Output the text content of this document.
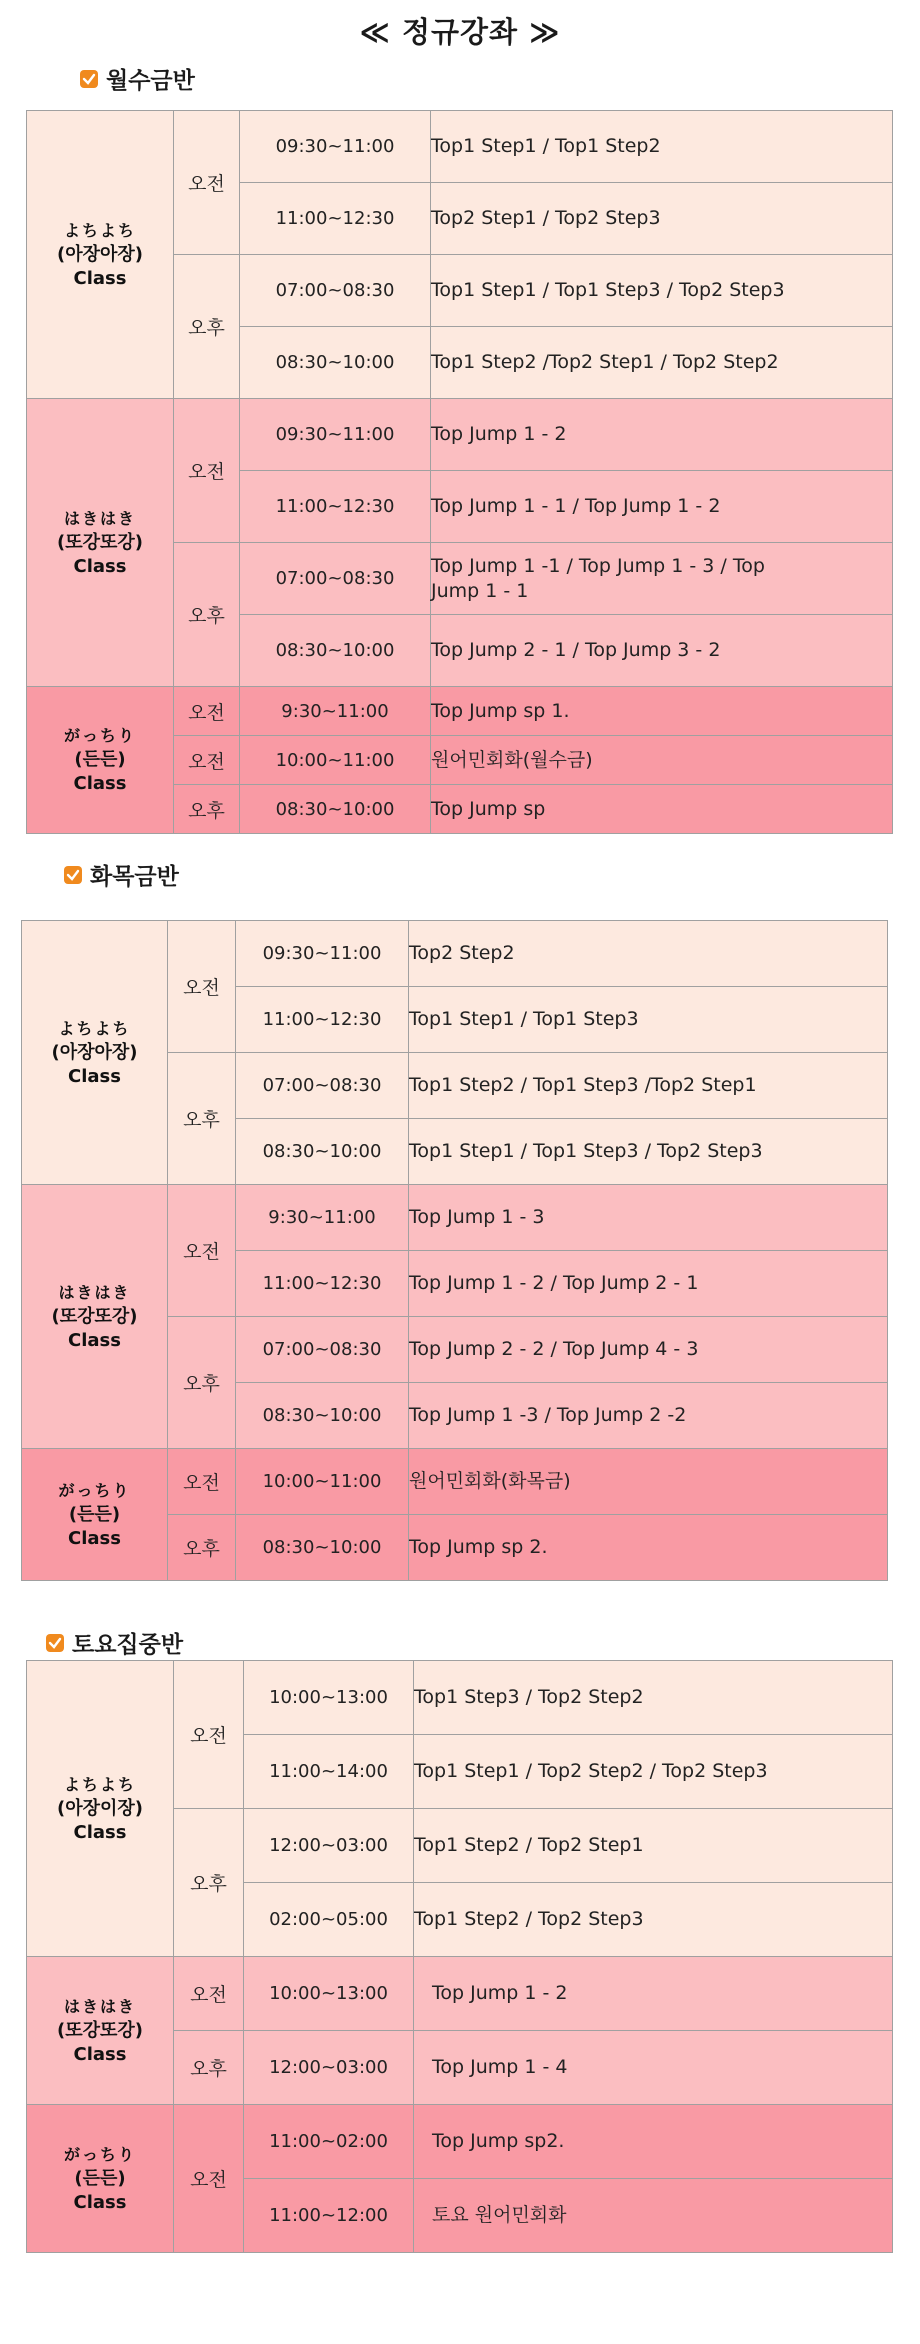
≪ 정규강좌 ≫
월수금반
よちよち
(아장아장)
Class	오전	09:30~11:00	Top1 Step1 / Top1 Step2
		11:00~12:30	Top2 Step1 / Top2 Step3
	오후	07:00~08:30	Top1 Step1 / Top1 Step3 / Top2 Step3
		08:30~10:00	Top1 Step2 /Top2 Step1 / Top2 Step2

はきはき
(또강또강)
Class	오전	09:30~11:00	Top Jump 1 - 2
		11:00~12:30	Top Jump 1 - 1 / Top Jump 1 - 2
	오후	07:00~08:30	Top Jump 1 -1 / Top Jump 1 - 3 / Top Jump 1 - 1
		08:30~10:00	Top Jump 2 - 1 / Top Jump 3 - 2

がっちり
(든든)
Class	오전	9:30~11:00	Top Jump sp 1.
	오전	10:00~11:00	원어민회화(월수금)
	오후	08:30~10:00	Top Jump sp
화목금반
よちよち
(아장아장)
Class	오전	09:30~11:00	Top2 Step2
		11:00~12:30	Top1 Step1 / Top1 Step3
	오후	07:00~08:30	Top1 Step2 / Top1 Step3 /Top2 Step1
		08:30~10:00	Top1 Step1 / Top1 Step3 / Top2 Step3

はきはき
(또강또강)
Class	오전	9:30~11:00	Top Jump 1 - 3
		11:00~12:30	Top Jump 1 - 2 / Top Jump 2 - 1
	오후	07:00~08:30	Top Jump 2 - 2 / Top Jump 4 - 3
		08:30~10:00	Top Jump 1 -3 / Top Jump 2 -2

がっちり
(든든)
Class	오전	10:00~11:00	원어민회화(화목금)
	오후	08:30~10:00	Top Jump sp 2.
토요집중반
よちよち
(아장이장)
Class	오전	10:00~13:00	Top1 Step3 / Top2 Step2
		11:00~14:00	Top1 Step1 / Top2 Step2 / Top2 Step3
	오후	12:00~03:00	Top1 Step2 / Top2 Step1
		02:00~05:00	Top1 Step2 / Top2 Step3

はきはき
(또강또강)
Class	오전	10:00~13:00	Top Jump 1 - 2
	오후	12:00~03:00	Top Jump 1 - 4

がっちり
(든든)
Class	오전	11:00~02:00	Top Jump sp2.
		11:00~12:00	토요 원어민회화
